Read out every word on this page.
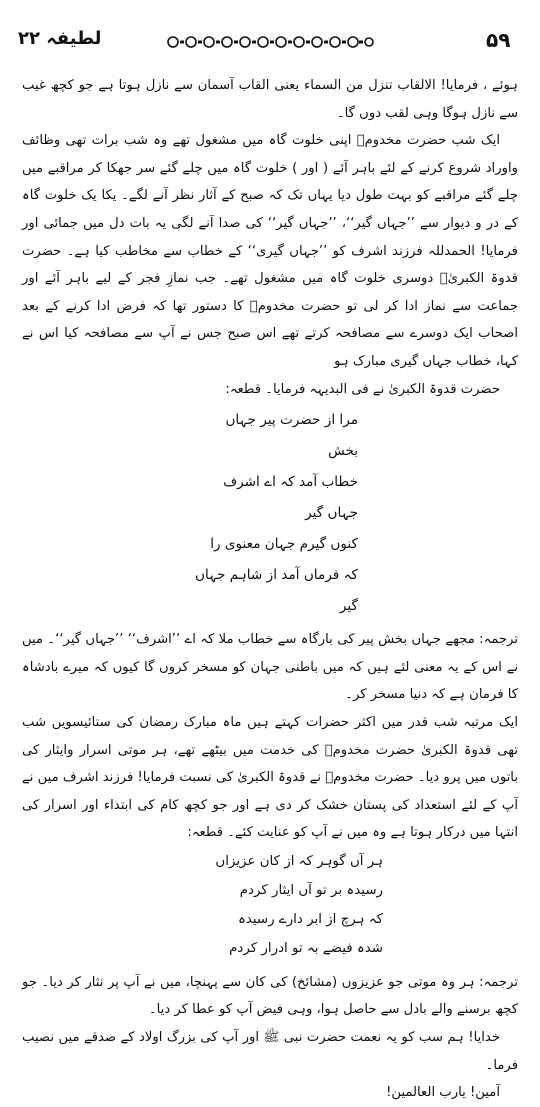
۵۹
لطیفہ ۲۲

ہوئے ، فرمایا! الالقاب تنزل من السماء یعنی القاب آسمان سے نازل ہوتا ہے جو کچھ غیب سے نازل ہوگا وہی لقب دوں گا۔

ایک شب حضرت مخدومؒ اپنی خلوت گاہ میں مشغول تھے وہ شب برات تھی وظائف واوراد شروع کرنے کے لئے باہر آئے ( اور ) خلوت گاہ میں چلے گئے سر جھکا کر مراقبے میں چلے گئے مراقبے کو بہت طول دیا یہاں تک کہ صبح کے آثار نظر آنے لگے۔ یکا یک خلوت گاہ کے در و دیوار سے ’’جہاں گیر‘‘، ’’جہاں گیر‘‘ کی صدا آنے لگی یہ بات دل میں جمائی اور فرمایا! الحمدللہ فرزند اشرف کو ’’جہاں گیری‘‘ کے خطاب سے مخاطب کیا ہے۔ حضرت قدوۃ الکبریٰؒ دوسری خلوت گاہ میں مشغول تھے۔ جب نمازِ فجر کے لیے باہر آئے اور جماعت سے نماز ادا کر لی تو حضرت مخدومؒ کا دستور تھا کہ فرض ادا کرنے کے بعد اصحاب ایک دوسرے سے مصافحہ کرتے تھے اس صبح جس نے آپ سے مصافحہ کیا اس نے کہا، خطاب جہاں گیری مبارک ہو

حضرت قدوۃ الکبریٰ نے فی البدیہہ فرمایا۔ قطعہ:

مرا از حضرت پیر جہاں بخش
خطاب آمد کہ اے اشرف جہاں گیر
کنوں گیرم جہان معنوی را
کہ فرماں آمد از شاہم جہاں گیر

ترجمہ: مجھے جہاں بخش پیر کی بارگاہ سے خطاب ملا کہ اے ’’اشرف‘‘ ’’جہاں گیر‘‘۔ میں نے اس کے یہ معنی لئے ہیں کہ میں باطنی جہان کو مسخر کروں گا کیوں کہ میرے بادشاہ کا فرمان ہے کہ دنیا مسخر کر۔

ایک مرتبہ شب قدر میں اکثر حضرات کہتے ہیں ماہ مبارک رمضان کی ستائیسویں شب تھی قدوۃ الکبریٰ حضرت مخدومؒ کی خدمت میں بیٹھے تھے، ہر موتی اسرار وایثار کی باتوں میں پرو دیا۔ حضرت مخدومؒ نے قدوۃ الکبریٰ کی نسبت فرمایا! فرزند اشرف میں نے آپ کے لئے استعداد کی پستان خشک کر دی ہے اور جو کچھ کام کی ابتداء اور اسرار کی انتہا میں درکار ہوتا ہے وہ میں نے آپ کو عنایت کئے۔ قطعہ:

ہر آں گوہر کہ از کان عزیزاں
رسیدہ بر تو آں ایثار کردم
کہ ہرچ از ابر دارے رسیدہ
شدہ فیضے بہ تو ادرار کردم

ترجمہ: ہر وہ موتی جو عزیزوں (مشائخ) کی کان سے پہنچا، میں نے آپ پر نثار کر دیا۔ جو کچھ برسنے والے بادل سے حاصل ہوا، وہی فیض آپ کو عطا کر دیا۔

خدایا! ہم سب کو یہ نعمت حضرت نبی ﷺ اور آپ کی بزرگ اولاد کے صدقے میں نصیب فرما۔

آمین! یارب العالمین!
